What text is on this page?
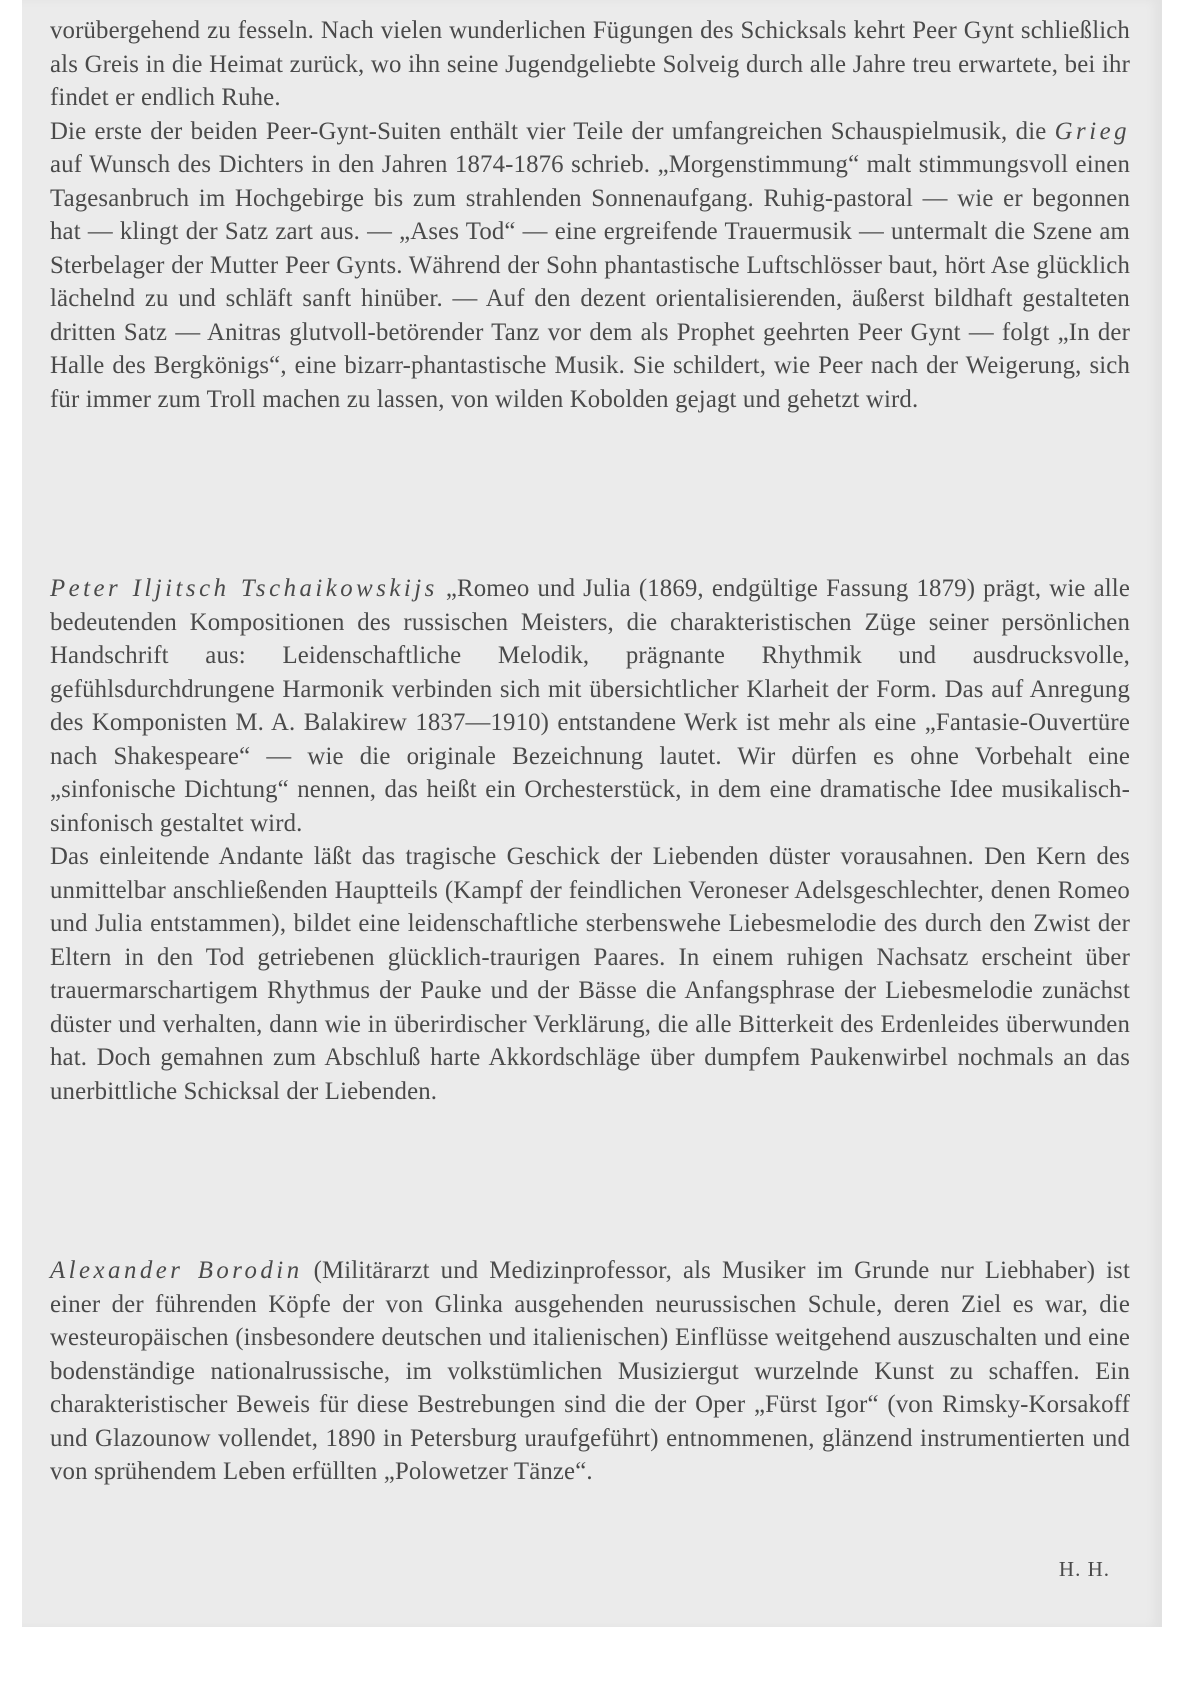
vorübergehend zu fesseln. Nach vielen wunderlichen Fügungen des Schicksals kehrt Peer Gynt schließlich als Greis in die Heimat zurück, wo ihn seine Jugendgeliebte Solveig durch alle Jahre treu erwartete, bei ihr findet er endlich Ruhe.

Die erste der beiden Peer-Gynt-Suiten enthält vier Teile der umfangreichen Schauspielmusik, die Grieg auf Wunsch des Dichters in den Jahren 1874-1876 schrieb. „Morgenstimmung“ malt stimmungsvoll einen Tagesanbruch im Hochgebirge bis zum strahlenden Sonnenaufgang. Ruhig-pastoral — wie er begonnen hat — klingt der Satz zart aus. — „Ases Tod“ — eine ergreifende Trauermusik — untermalt die Szene am Sterbelager der Mutter Peer Gynts. Während der Sohn phantastische Luftschlösser baut, hört Ase glücklich lächelnd zu und schläft sanft hinüber. — Auf den dezent orientalisierenden, äußerst bildhaft gestalteten dritten Satz — Anitras glutvoll-betörender Tanz vor dem als Prophet geehrten Peer Gynt — folgt „In der Halle des Bergkönigs“, eine bizarr-phantastische Musik. Sie schildert, wie Peer nach der Weigerung, sich für immer zum Troll machen zu lassen, von wilden Kobolden gejagt und gehetzt wird.

Peter Iljitsch Tschaikowskijs „Romeo und Julia (1869, endgültige Fassung 1879) prägt, wie alle bedeutenden Kompositionen des russischen Meisters, die charakteristischen Züge seiner persönlichen Handschrift aus: Leidenschaftliche Melodik, prägnante Rhythmik und ausdrucksvolle, gefühlsdurchdrungene Harmonik verbinden sich mit übersichtlicher Klarheit der Form. Das auf Anregung des Komponisten M. A. Balakirew 1837—1910) entstandene Werk ist mehr als eine „Fantasie-Ouvertüre nach Shakespeare“ — wie die originale Bezeichnung lautet. Wir dürfen es ohne Vorbehalt eine „sinfonische Dichtung“ nennen, das heißt ein Orchesterstück, in dem eine dramatische Idee musikalisch-sinfonisch gestaltet wird.

Das einleitende Andante läßt das tragische Geschick der Liebenden düster vorausahnen. Den Kern des unmittelbar anschließenden Hauptteils (Kampf der feindlichen Veroneser Adelsgeschlechter, denen Romeo und Julia entstammen), bildet eine leidenschaftliche sterbenswehe Liebesmelodie des durch den Zwist der Eltern in den Tod getriebenen glücklich-traurigen Paares. In einem ruhigen Nachsatz erscheint über trauermarschartigem Rhythmus der Pauke und der Bässe die Anfangsphrase der Liebesmelodie zunächst düster und verhalten, dann wie in überirdischer Verklärung, die alle Bitterkeit des Erdenleides überwunden hat. Doch gemahnen zum Abschluß harte Akkordschläge über dumpfem Paukenwirbel nochmals an das unerbittliche Schicksal der Liebenden.

Alexander Borodin (Militärarzt und Medizinprofessor, als Musiker im Grunde nur Liebhaber) ist einer der führenden Köpfe der von Glinka ausgehenden neurussischen Schule, deren Ziel es war, die westeuropäischen (insbesondere deutschen und italienischen) Einflüsse weitgehend auszuschalten und eine bodenständige nationalrussische, im volkstümlichen Musiziergut wurzelnde Kunst zu schaffen. Ein charakteristischer Beweis für diese Bestrebungen sind die der Oper „Fürst Igor“ (von Rimsky-Korsakoff und Glazounow vollendet, 1890 in Petersburg uraufgeführt) entnommenen, glänzend instrumentierten und von sprühendem Leben erfüllten „Polowetzer Tänze“.

H. H.
